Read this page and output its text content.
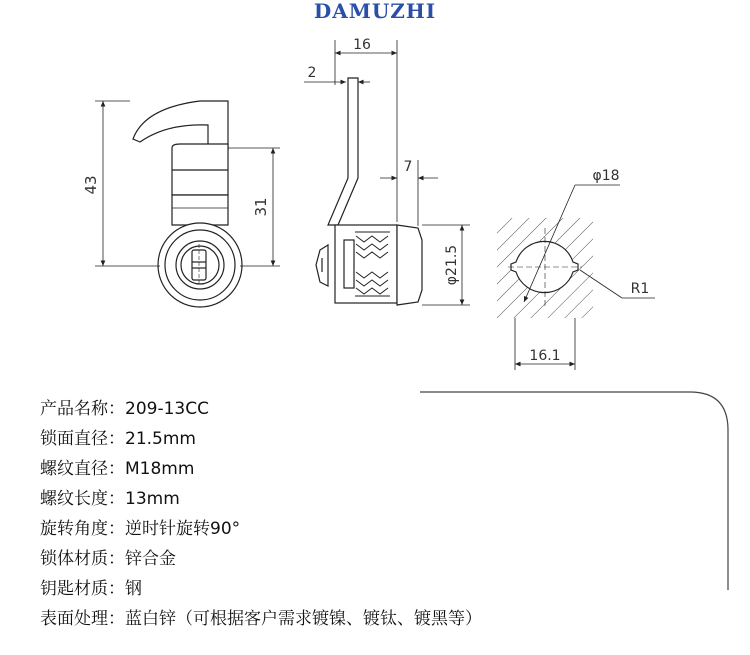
DAMUZHI
43
31
16
2
7
φ21.5
φ18
16.1
R1
产品名称：209-13CC
锁面直径：21.5mm
螺纹直径：M18mm
螺纹长度：13mm
旋转角度：逆时针旋转90°
锁体材质：锌合金
钥匙材质：钢
表面处理：蓝白锌（可根据客户需求镀镍、镀钛、镀黑等）
